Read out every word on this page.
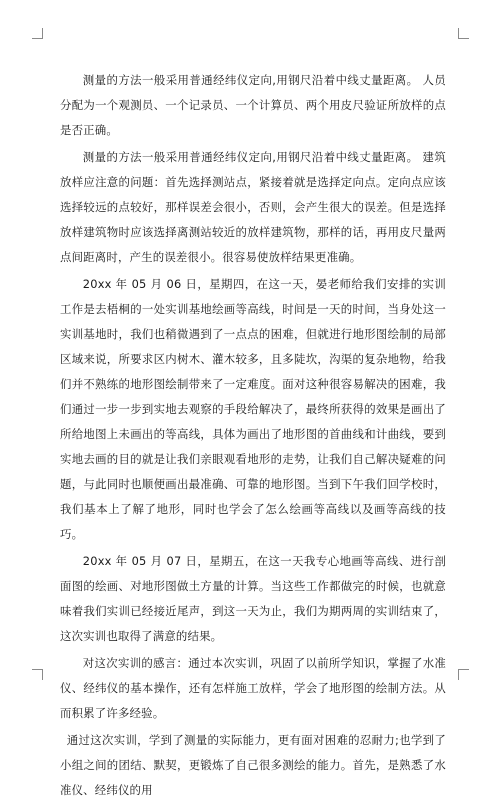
测量的方法一般采用普通经纬仪定向,用钢尺沿着中线丈量距离。 人员分配为一个观测员、一个记录员、一个计算员、两个用皮尺验证所放样的点是否正确。

测量的方法一般采用普通经纬仪定向,用钢尺沿着中线丈量距离。 建筑放样应注意的问题：首先选择测站点，紧接着就是选择定向点。定向点应该选择较远的点较好，那样误差会很小，否则，会产生很大的误差。但是选择放样建筑物时应该选择离测站较近的放样建筑物，那样的话，再用皮尺量两点间距离时，产生的误差很小。很容易使放样结果更准确。

20xx 年 05 月 06 日，星期四，在这一天，晏老师给我们安排的实训工作是去梧桐的一处实训基地绘画等高线，时间是一天的时间，当身处这一实训基地时，我们也稍微遇到了一点点的困难，但就进行地形图绘制的局部区域来说，所要求区内树木、灌木较多，且多陡坎，沟渠的复杂地物，给我们并不熟练的地形图绘制带来了一定难度。面对这种很容易解决的困难，我们通过一步一步到实地去观察的手段给解决了，最终所获得的效果是画出了所给地图上未画出的等高线，具体为画出了地形图的首曲线和计曲线，要到实地去画的目的就是让我们亲眼观看地形的走势，让我们自己解决疑难的问题，与此同时也顺便画出最准确、可靠的地形图。当到下午我们回学校时，我们基本上了解了地形，同时也学会了怎么绘画等高线以及画等高线的技巧。

20xx 年 05 月 07 日，星期五，在这一天我专心地画等高线、进行剖面图的绘画、对地形图做土方量的计算。当这些工作都做完的时候，也就意味着我们实训已经接近尾声，到这一天为止，我们为期两周的实训结束了，这次实训也取得了满意的结果。

对这次实训的感言：通过本次实训，巩固了以前所学知识，掌握了水准仪、经纬仪的基本操作，还有怎样施工放样，学会了地形图的绘制方法。从而积累了许多经验。

通过这次实训，学到了测量的实际能力，更有面对困难的忍耐力;也学到了小组之间的团结、默契，更锻炼了自己很多测绘的能力。首先，是熟悉了水准仪、经纬仪的用
